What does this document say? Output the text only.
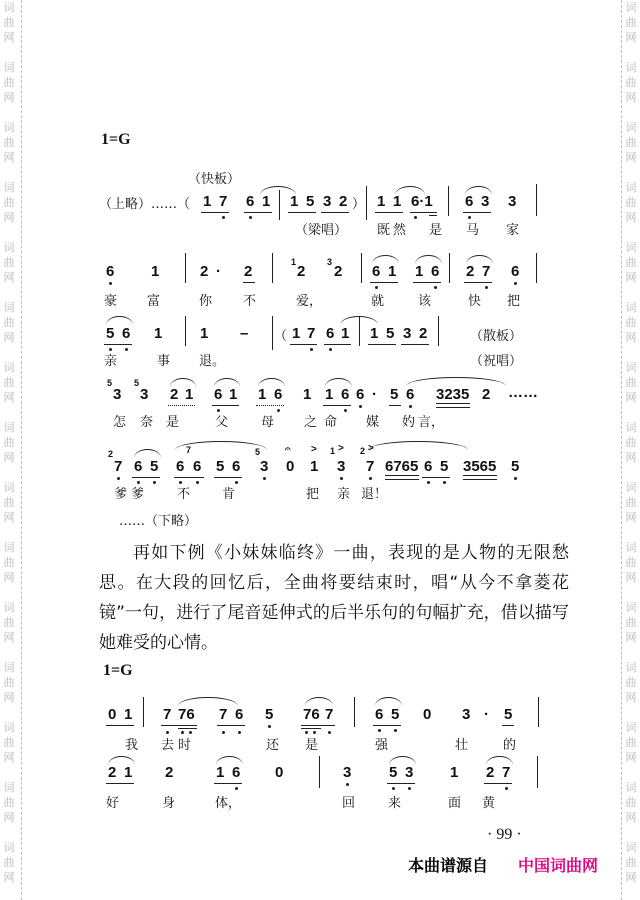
词
曲
网
词
曲
网
词
曲
网
词
曲
网
词
曲
网
词
曲
网
词
曲
网
词
曲
网
词
曲
网
词
曲
网
词
曲
网
词
曲
网
词
曲
网
词
曲
网
词
曲
网
词
曲
网
词
曲
网
词
曲
网
词
曲
网
词
曲
网
词
曲
网
词
曲
网
词
曲
网
词
曲
网
词
曲
网
词
曲
网
词
曲
网
词
曲
网
词
曲
网
词
曲
网
1=G
（快板）
（上略）……（ 1 7 6 1 1 5 3 2 ） 1 1 6·1 6 3 3
（梁唱） 既 然 是 马 家
6 1	2 · 2
1
2
3
2 6 1 1 6 2 7 6
豪 富	你 不	爱，	就	该	快 把
5 6 1	1 – （ 1 7 6 1 1 5 3 2	（散板）
亲	事 退。	（祝唱）
5
3
5
3 2 1 6 1 1 6 1 1 6 6 · 5 6 3235 2 ……
怎 奈 是	父	母 之 命 媒 妁 言，
2
7 6 5 6
7
6 5 6
5
3
𝄐
0
>
1
1 >
3
2 >
7 6765 6 5 3565 5
爹 爹	不 肯	把 亲 退！
……（下略）

再如下例《小妹妹临终》一曲，表现的是人物的无限愁思。在大段的回忆后，全曲将要结束时，唱“从今不拿菱花镜”一句，进行了尾音延伸式的后半乐句的句幅扩充，借以描写她难受的心情。

1=G
0 1 7 76 7 6 5 76 7	6 5 0 3 · 5
我 去 时	还 是	强	壮	的
2 1 2	1 6 0	3	5 3 1 2 7
好	身	体，	回	来	面 黄
· 99 ·
本曲谱源自 中国词曲网
